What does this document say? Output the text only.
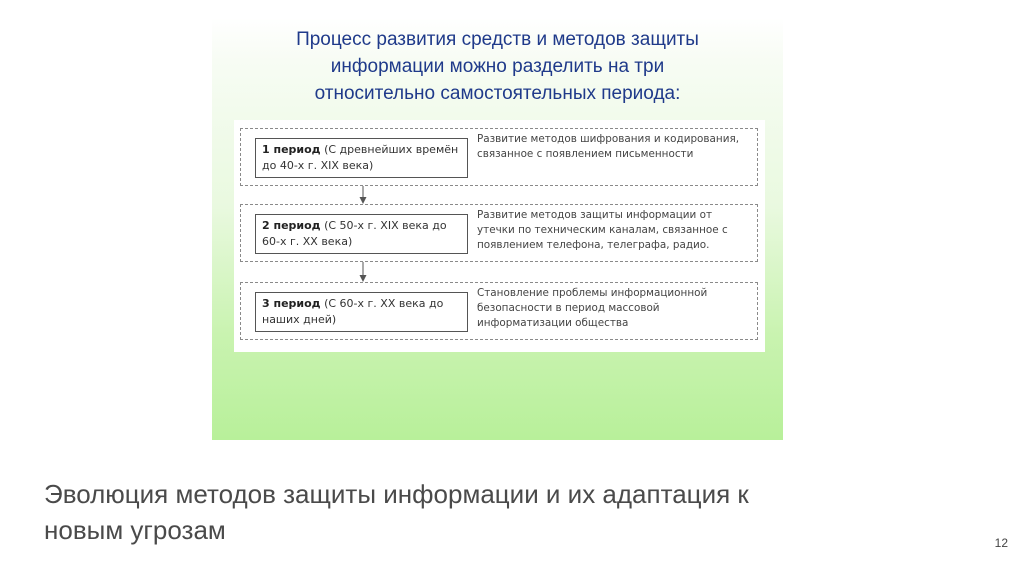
Процесс развития средств и методов защиты
информации можно разделить на три
относительно самостоятельных периода:
1 период (С древнейших времён до 40-х г. XIX века)
Развитие методов шифрования и кодирования, связанное с появлением письменности
2 период (С 50-х г. XIX века до 60-х г. XX века)
Развитие методов защиты информации от утечки по техническим каналам, связанное с появлением телефона, телеграфа, радио.
3 период (С 60-х г. XX века до наших дней)
Становление проблемы информационной безопасности в период массовой информатизации общества
Эволюция методов защиты информации и их адаптация к новым угрозам	12
